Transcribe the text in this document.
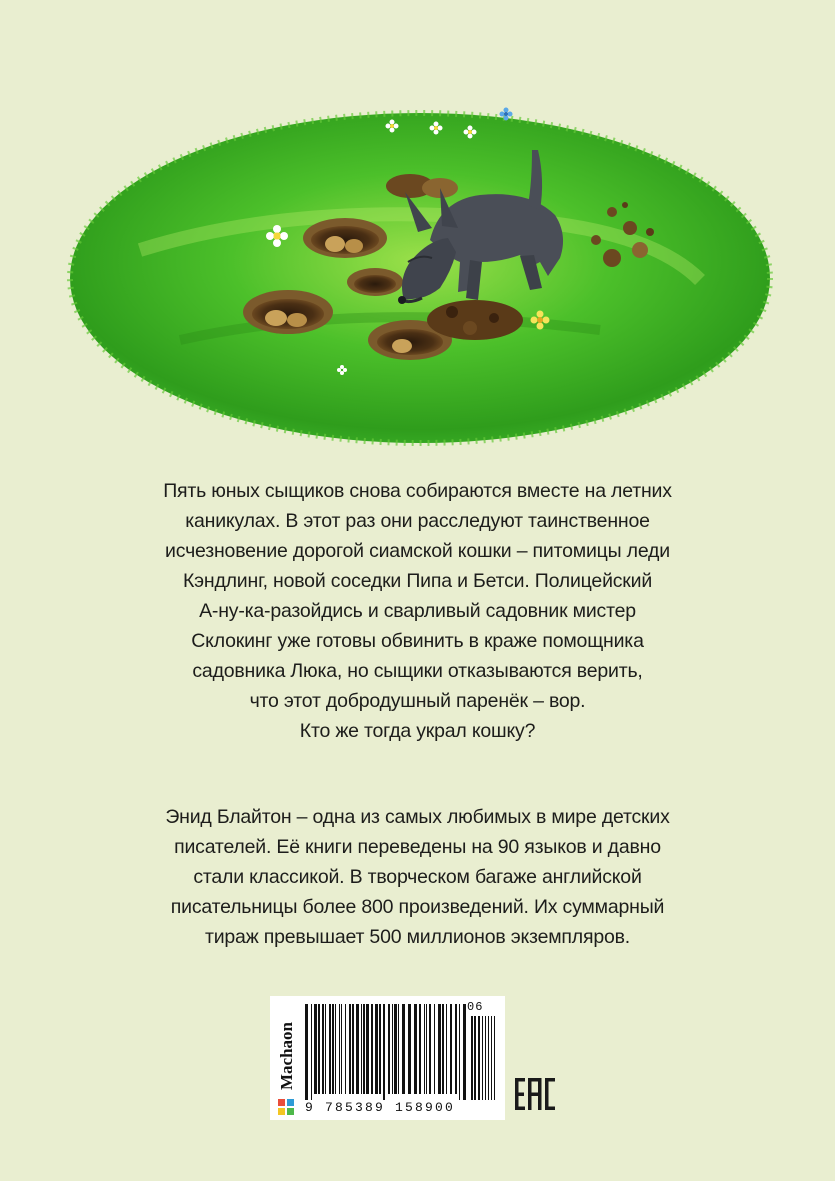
Пять юных сыщиков снова собираются вместе на летних
каникулах. В этот раз они расследуют таинственное
исчезновение дорогой сиамской кошки – питомицы леди
Кэндлинг, новой соседки Пипа и Бетси. Полицейский
А-ну-ка-разойдись и сварливый садовник мистер
Склокинг уже готовы обвинить в краже помощника
садовника Люка, но сыщики отказываются верить,
что этот добродушный паренёк – вор.
Кто же тогда украл кошку?
Энид Блайтон – одна из самых любимых в мире детских
писателей. Её книги переведены на 90 языков и давно
стали классикой. В творческом багаже английской
писательницы более 800 произведений. Их суммарный
тираж превышает 500 миллионов экземпляров.
Machaon
06
9 785389 158900
